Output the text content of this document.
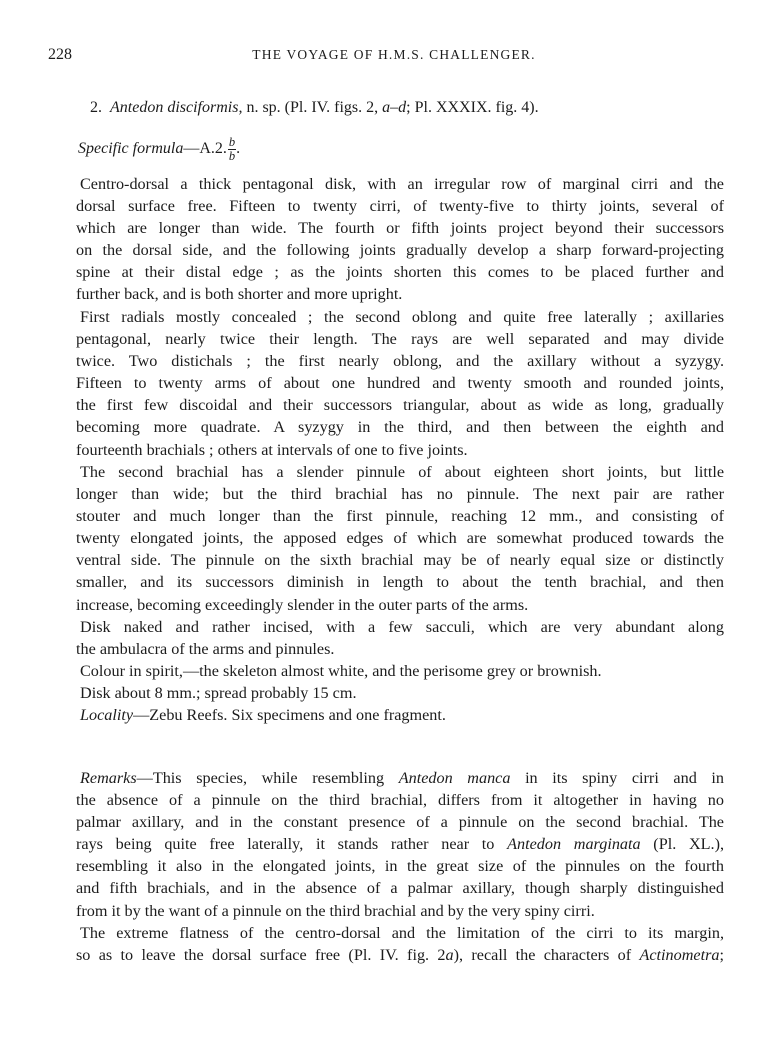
228	THE VOYAGE OF H.M.S. CHALLENGER.
2. Antedon disciformis, n. sp. (Pl. IV. figs. 2, a–d; Pl. XXXIX. fig. 4).
Specific formula—A.2. $\frac{b}{b}$ .
Centro-dorsal a thick pentagonal disk, with an irregular row of marginal cirri and the
dorsal surface free. Fifteen to twenty cirri, of twenty-five to thirty joints, several of
which are longer than wide. The fourth or fifth joints project beyond their successors
on the dorsal side, and the following joints gradually develop a sharp forward-projecting
spine at their distal edge ; as the joints shorten this comes to be placed further and
further back, and is both shorter and more upright.
First radials mostly concealed ; the second oblong and quite free laterally ; axillaries
pentagonal, nearly twice their length. The rays are well separated and may divide
twice. Two distichals ; the first nearly oblong, and the axillary without a syzygy.
Fifteen to twenty arms of about one hundred and twenty smooth and rounded joints,
the first few discoidal and their successors triangular, about as wide as long, gradually
becoming more quadrate. A syzygy in the third, and then between the eighth and
fourteenth brachials ; others at intervals of one to five joints.
The second brachial has a slender pinnule of about eighteen short joints, but little
longer than wide; but the third brachial has no pinnule. The next pair are rather
stouter and much longer than the first pinnule, reaching 12 mm., and consisting of
twenty elongated joints, the apposed edges of which are somewhat produced towards the
ventral side. The pinnule on the sixth brachial may be of nearly equal size or distinctly
smaller, and its successors diminish in length to about the tenth brachial, and then
increase, becoming exceedingly slender in the outer parts of the arms.
Disk naked and rather incised, with a few sacculi, which are very abundant along
the ambulacra of the arms and pinnules.
Colour in spirit,—the skeleton almost white, and the perisome grey or brownish.
Disk about 8 mm.; spread probably 15 cm.
Locality—Zebu Reefs. Six specimens and one fragment.
Remarks—This species, while resembling Antedon manca in its spiny cirri and in
the absence of a pinnule on the third brachial, differs from it altogether in having no
palmar axillary, and in the constant presence of a pinnule on the second brachial. The
rays being quite free laterally, it stands rather near to Antedon marginata (Pl. XL.),
resembling it also in the elongated joints, in the great size of the pinnules on the fourth
and fifth brachials, and in the absence of a palmar axillary, though sharply distinguished
from it by the want of a pinnule on the third brachial and by the very spiny cirri.
The extreme flatness of the centro-dorsal and the limitation of the cirri to its margin,
so as to leave the dorsal surface free (Pl. IV. fig. 2a), recall the characters of Actinometra;
